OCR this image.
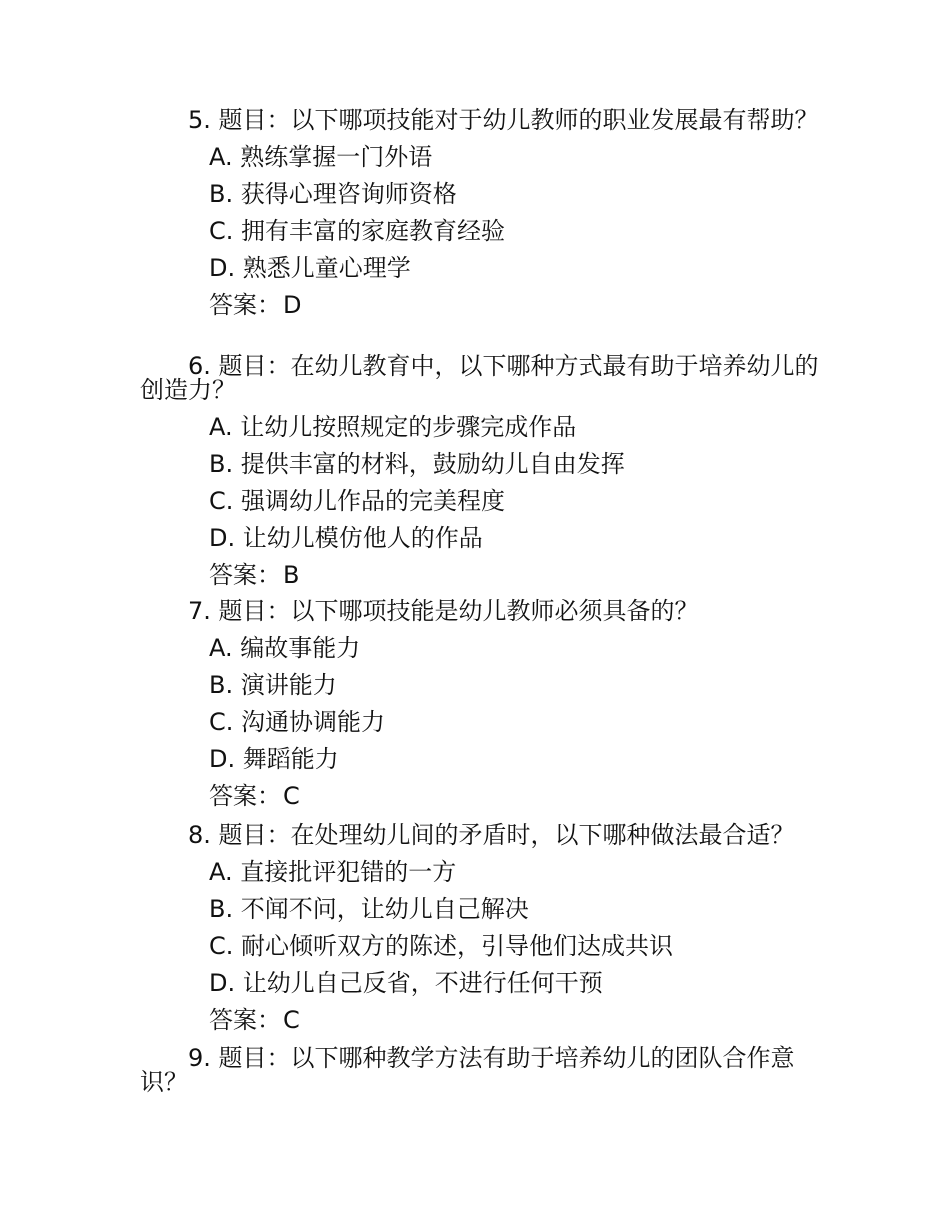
5. 题目：以下哪项技能对于幼儿教师的职业发展最有帮助？

A. 熟练掌握一门外语
B. 获得心理咨询师资格
C. 拥有丰富的家庭教育经验
D. 熟悉儿童心理学
答案：D

6. 题目：在幼儿教育中，以下哪种方式最有助于培养幼儿的创造力？

A. 让幼儿按照规定的步骤完成作品
B. 提供丰富的材料，鼓励幼儿自由发挥
C. 强调幼儿作品的完美程度
D. 让幼儿模仿他人的作品
答案：B

7. 题目：以下哪项技能是幼儿教师必须具备的？

A. 编故事能力
B. 演讲能力
C. 沟通协调能力
D. 舞蹈能力
答案：C

8. 题目：在处理幼儿间的矛盾时，以下哪种做法最合适？

A. 直接批评犯错的一方
B. 不闻不问，让幼儿自己解决
C. 耐心倾听双方的陈述，引导他们达成共识
D. 让幼儿自己反省，不进行任何干预
答案：C

9. 题目：以下哪种教学方法有助于培养幼儿的团队合作意识？
